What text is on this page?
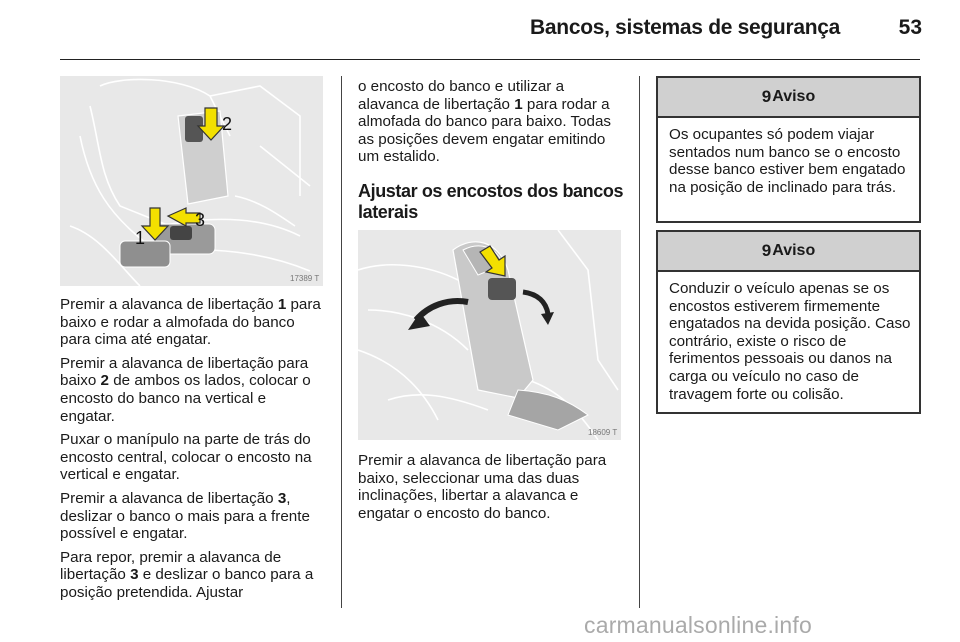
Bancos, sistemas de segurança	53
2
1
3
17389 T

Premir a alavanca de libertação 1 para baixo e rodar a almofada do banco para cima até engatar.

Premir a alavanca de libertação para baixo 2 de ambos os lados, colocar o encosto do banco na vertical e engatar.

Puxar o manípulo na parte de trás do encosto central, colocar o encosto na vertical e engatar.

Premir a alavanca de libertação 3, deslizar o banco o mais para a frente possível e engatar.

Para repor, premir a alavanca de libertação 3 e deslizar o banco para a posição pretendida. Ajustar

o encosto do banco e utilizar a alavanca de libertação 1 para rodar a almofada do banco para baixo. Todas as posições devem engatar emitindo um estalido.

Ajustar os encostos dos bancos laterais
18609 T

Premir a alavanca de libertação para baixo, seleccionar uma das duas inclinações, libertar a alavanca e engatar o encosto do banco.

9 Aviso
Os ocupantes só podem viajar sentados num banco se o encosto desse banco estiver bem engatado na posição de inclinado para trás.
9 Aviso
Conduzir o veículo apenas se os encostos estiverem firmemente engatados na devida posição. Caso contrário, existe o risco de ferimentos pessoais ou danos na carga ou veículo no caso de travagem forte ou colisão.
carmanualsonline.info
